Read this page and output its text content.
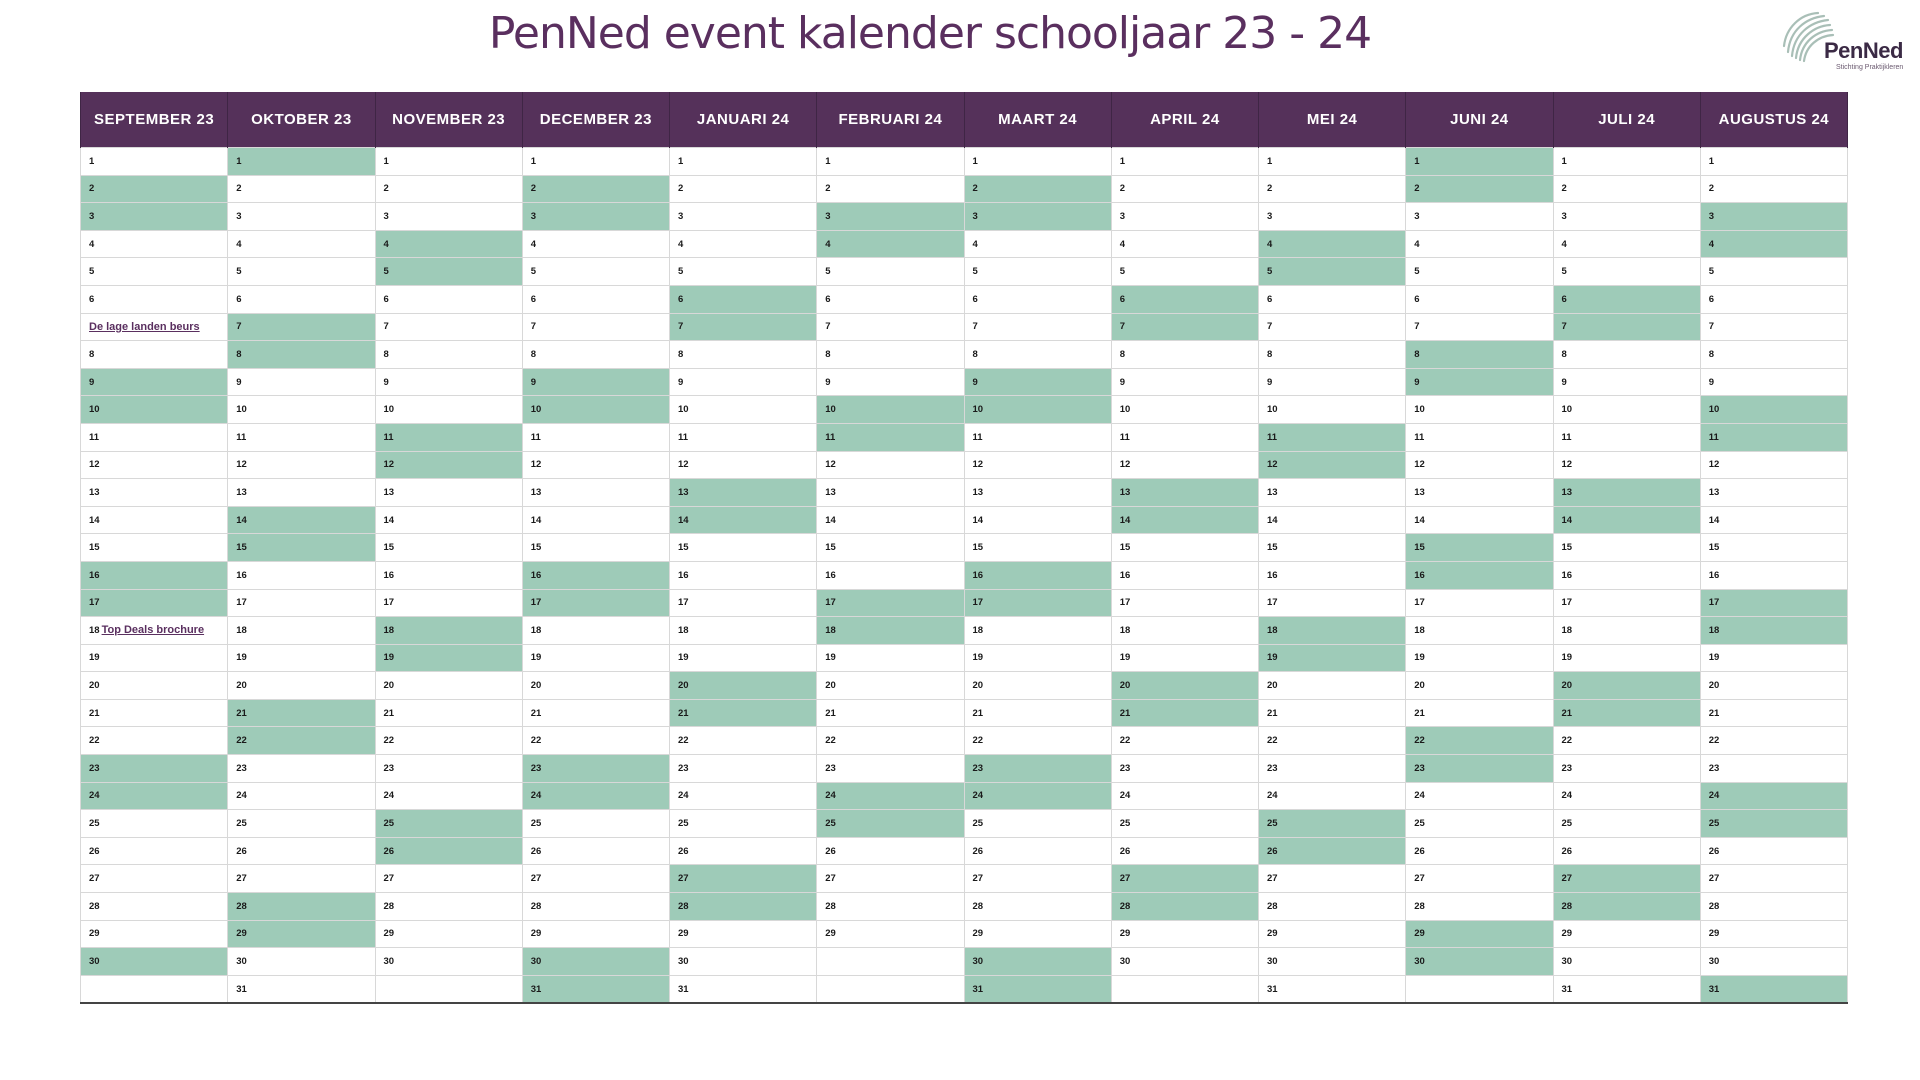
PenNed event kalender schooljaar 23 - 24	PenNed
Stichting Praktijkleren
SEPTEMBER 23	OKTOBER 23	NOVEMBER 23	DECEMBER 23	JANUARI 24	FEBRUARI 24	MAART 24	APRIL 24	MEI 24	JUNI 24	JULI 24	AUGUSTUS 24
1	1	1	1	1	1	1	1	1	1	1	1
2	2	2	2	2	2	2	2	2	2	2	2
3	3	3	3	3	3	3	3	3	3	3	3
4	4	4	4	4	4	4	4	4	4	4	4
5	5	5	5	5	5	5	5	5	5	5	5
6	6	6	6	6	6	6	6	6	6	6	6
De lage landen beurs	7	7	7	7	7	7	7	7	7	7	7
8	8	8	8	8	8	8	8	8	8	8	8
9	9	9	9	9	9	9	9	9	9	9	9
10	10	10	10	10	10	10	10	10	10	10	10
11	11	11	11	11	11	11	11	11	11	11	11
12	12	12	12	12	12	12	12	12	12	12	12
13	13	13	13	13	13	13	13	13	13	13	13
14	14	14	14	14	14	14	14	14	14	14	14
15	15	15	15	15	15	15	15	15	15	15	15
16	16	16	16	16	16	16	16	16	16	16	16
17	17	17	17	17	17	17	17	17	17	17	17
18 Top Deals brochure	18	18	18	18	18	18	18	18	18	18	18
19	19	19	19	19	19	19	19	19	19	19	19
20	20	20	20	20	20	20	20	20	20	20	20
21	21	21	21	21	21	21	21	21	21	21	21
22	22	22	22	22	22	22	22	22	22	22	22
23	23	23	23	23	23	23	23	23	23	23	23
24	24	24	24	24	24	24	24	24	24	24	24
25	25	25	25	25	25	25	25	25	25	25	25
26	26	26	26	26	26	26	26	26	26	26	26
27	27	27	27	27	27	27	27	27	27	27	27
28	28	28	28	28	28	28	28	28	28	28	28
29	29	29	29	29	29	29	29	29	29	29	29
30	30	30	30	30		30	30	30	30	30	30
	31		31	31		31		31		31	31
